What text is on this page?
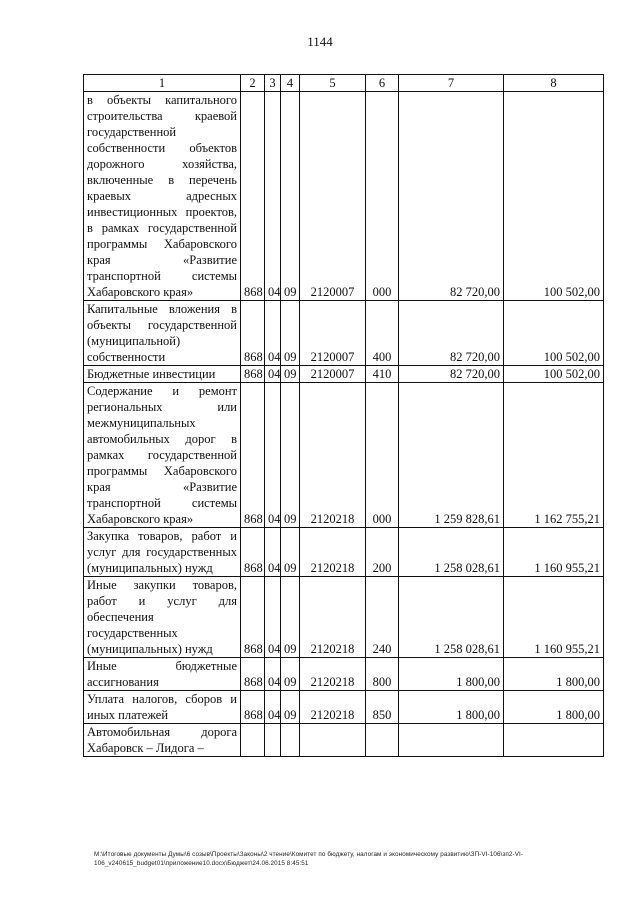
1144
1	2	3	4	5	6	7	8
в объекты капитального строительства краевой государственной собственности объектов дорожного хозяйства, включенные в перечень краевых адресных инвестиционных проектов, в рамках государственной программы Хабаровского края «Развитие транспортной системы Хабаровского края»	868	04	09	2120007	000	82 720,00	100 502,00
Капитальные вложения в объекты государственной (муниципальной) собственности	868	04	09	2120007	400	82 720,00	100 502,00
Бюджетные инвестиции	868	04	09	2120007	410	82 720,00	100 502,00
Содержание и ремонт региональных или межмуниципальных автомобильных дорог в рамках государственной программы Хабаровского края «Развитие транспортной системы Хабаровского края»	868	04	09	2120218	000	1 259 828,61	1 162 755,21
Закупка товаров, работ и услуг для государственных (муниципальных) нужд	868	04	09	2120218	200	1 258 028,61	1 160 955,21
Иные закупки товаров, работ и услуг для обеспечения государственных (муниципальных) нужд	868	04	09	2120218	240	1 258 028,61	1 160 955,21
Иные бюджетные ассигнования	868	04	09	2120218	800	1 800,00	1 800,00
Уплата налогов, сборов и иных платежей	868	04	09	2120218	850	1 800,00	1 800,00
Автомобильная дорога Хабаровск – Лидога –							
M:\Итоговые документы Думы\6 созыв\Проекты\Законы\2 чтение\Комитет по бюджету, налогам и экономическому развитию\ЗП-VI-106\зп2-VI-
106_v240615_budget01\приложение10.docx\Бюджет\24.06.2015 8:45:51
